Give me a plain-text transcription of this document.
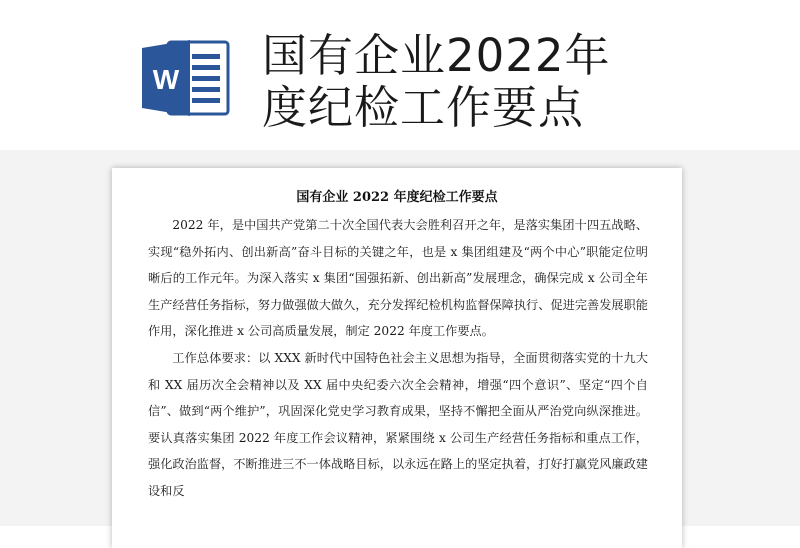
W 国有企业2022年
度纪检工作要点
国有企业 2022 年度纪检工作要点

2022 年，是中国共产党第二十次全国代表大会胜利召开之年，是落实集团十四五战略、实现“稳外拓内、创出新高”奋斗目标的关键之年，也是 x 集团组建及“两个中心”职能定位明晰后的工作元年。为深入落实 x 集团“国强拓新、创出新高”发展理念，确保完成 x 公司全年生产经营任务指标，努力做强做大做久，充分发挥纪检机构监督保障执行、促进完善发展职能作用，深化推进 x 公司高质量发展，制定 2022 年度工作要点。

工作总体要求：以 XXX 新时代中国特色社会主义思想为指导，全面贯彻落实党的十九大和 XX 届历次全会精神以及 XX 届中央纪委六次全会精神，增强“四个意识”、坚定“四个自信”、做到“两个维护”，巩固深化党史学习教育成果，坚持不懈把全面从严治党向纵深推进。要认真落实集团 2022 年度工作会议精神，紧紧围绕 x 公司生产经营任务指标和重点工作，强化政治监督，不断推进三不一体战略目标，以永远在路上的坚定执着，打好打赢党风廉政建设和反
